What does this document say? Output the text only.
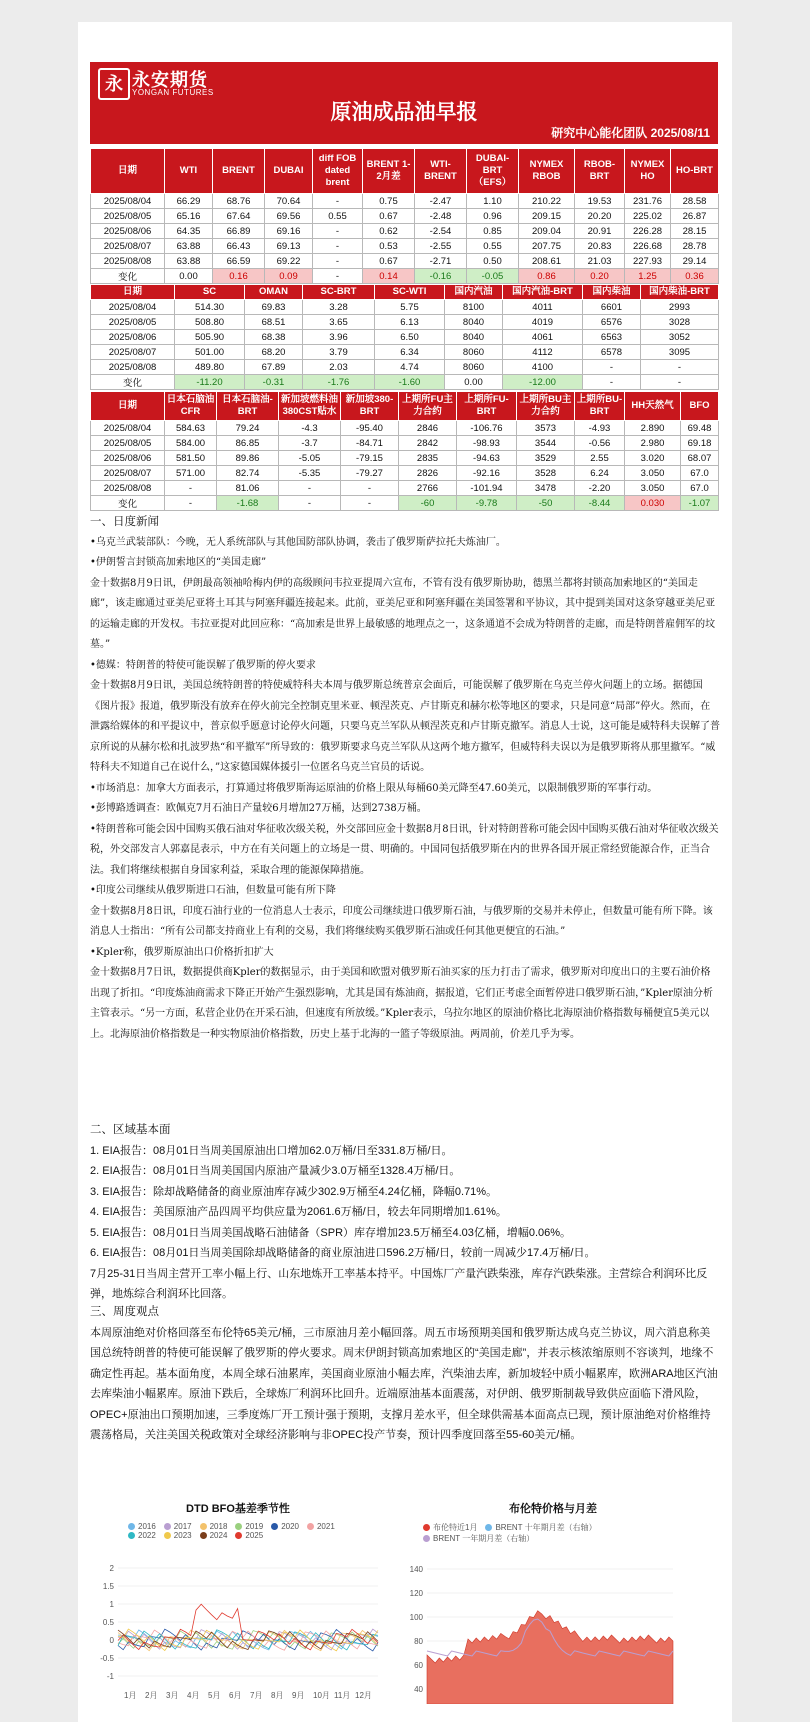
永 永安期货
YONGAN FUTURES
原油成品油早报
研究中心能化团队 2025/08/11
日期	WTI	BRENT	DUBAI	diff FOB dated brent	BRENT 1-2月差	WTI-BRENT	DUBAI-BRT（EFS）	NYMEX RBOB	RBOB-BRT	NYMEX HO	HO-BRT
2025/08/04	66.29	68.76	70.64	-	0.75	-2.47	1.10	210.22	19.53	231.76	28.58
2025/08/05	65.16	67.64	69.56	0.55	0.67	-2.48	0.96	209.15	20.20	225.02	26.87
2025/08/06	64.35	66.89	69.16	-	0.62	-2.54	0.85	209.04	20.91	226.28	28.15
2025/08/07	63.88	66.43	69.13	-	0.53	-2.55	0.55	207.75	20.83	226.68	28.78
2025/08/08	63.88	66.59	69.22	-	0.67	-2.71	0.50	208.61	21.03	227.93	29.14
变化	0.00	0.16	0.09	-	0.14	-0.16	-0.05	0.86	0.20	1.25	0.36
日期	SC	OMAN	SC-BRT	SC-WTI	国内汽油	国内汽油-BRT	国内柴油	国内柴油-BRT
2025/08/04	514.30	69.83	3.28	5.75	8100	4011	6601	2993
2025/08/05	508.80	68.51	3.65	6.13	8040	4019	6576	3028
2025/08/06	505.90	68.38	3.96	6.50	8040	4061	6563	3052
2025/08/07	501.00	68.20	3.79	6.34	8060	4112	6578	3095
2025/08/08	489.80	67.89	2.03	4.74	8060	4100	-	-
变化	-11.20	-0.31	-1.76	-1.60	0.00	-12.00	-	-
日期	日本石脑油CFR	日本石脑油-BRT	新加坡燃料油380CST贴水	新加坡380-BRT	上期所FU主力合约	上期所FU-BRT	上期所BU主力合约	上期所BU-BRT	HH天然气	BFO
2025/08/04	584.63	79.24	-4.3	-95.40	2846	-106.76	3573	-4.93	2.890	69.48
2025/08/05	584.00	86.85	-3.7	-84.71	2842	-98.93	3544	-0.56	2.980	69.18
2025/08/06	581.50	89.86	-5.05	-79.15	2835	-94.63	3529	2.55	3.020	68.07
2025/08/07	571.00	82.74	-5.35	-79.27	2826	-92.16	3528	6.24	3.050	67.0
2025/08/08	-	81.06	-	-	2766	-101.94	3478	-2.20	3.050	67.0
变化	-	-1.68	-	-	-60	-9.78	-50	-8.44	0.030	-1.07

一、日度新闻

•乌克兰武装部队：今晚，无人系统部队与其他国防部队协调，袭击了俄罗斯萨拉托夫炼油厂。

•伊朗誓言封锁高加索地区的“美国走廊”

金十数据8月9日讯，伊朗最高领袖哈梅内伊的高级顾问韦拉亚提周六宣布，不管有没有俄罗斯协助，德黑兰都将封锁高加索地区的“美国走廊”，该走廊通过亚美尼亚将土耳其与阿塞拜疆连接起来。此前，亚美尼亚和阿塞拜疆在美国签署和平协议，其中提到美国对这条穿越亚美尼亚的运输走廊的开发权。韦拉亚提对此回应称：“高加索是世界上最敏感的地理点之一，这条通道不会成为特朗普的走廊，而是特朗普雇佣军的坟墓。”

•德媒：特朗普的特使可能误解了俄罗斯的停火要求

金十数据8月9日讯，美国总统特朗普的特使威特科夫本周与俄罗斯总统普京会面后，可能误解了俄罗斯在乌克兰停火问题上的立场。据德国《图片报》报道，俄罗斯没有放弃在停火前完全控制克里米亚、顿涅茨克、卢甘斯克和赫尔松等地区的要求，只是同意“局部”停火。然而，在泄露给媒体的和平提议中，普京似乎愿意讨论停火问题，只要乌克兰军队从顿涅茨克和卢甘斯克撤军。消息人士说，这可能是威特科夫误解了普京所说的从赫尔松和扎波罗热“和平撤军”所导致的：俄罗斯要求乌克兰军队从这两个地方撤军，但威特科夫误以为是俄罗斯将从那里撤军。“威特科夫不知道自己在说什么，”这家德国媒体援引一位匿名乌克兰官员的话说。

•市场消息：加拿大方面表示，打算通过将俄罗斯海运原油的价格上限从每桶60美元降至47.60美元，以限制俄罗斯的军事行动。

•彭博路透调查：欧佩克7月石油日产量较6月增加27万桶，达到2738万桶。

•特朗普称可能会因中国购买俄石油对华征收次级关税，外交部回应金十数据8月8日讯，针对特朗普称可能会因中国购买俄石油对华征收次级关税，外交部发言人郭嘉昆表示，中方在有关问题上的立场是一贯、明确的。中国同包括俄罗斯在内的世界各国开展正常经贸能源合作，正当合法。我们将继续根据自身国家利益，采取合理的能源保障措施。

•印度公司继续从俄罗斯进口石油，但数量可能有所下降

金十数据8月8日讯，印度石油行业的一位消息人士表示，印度公司继续进口俄罗斯石油，与俄罗斯的交易并未停止，但数量可能有所下降。该消息人士指出：“所有公司都支持商业上有利的交易，我们将继续购买俄罗斯石油或任何其他更便宜的石油。”

•Kpler称，俄罗斯原油出口价格折扣扩大

金十数据8月7日讯，数据提供商Kpler的数据显示，由于美国和欧盟对俄罗斯石油买家的压力打击了需求，俄罗斯对印度出口的主要石油价格出现了折扣。“印度炼油商需求下降正开始产生强烈影响，尤其是国有炼油商，据报道，它们正考虑全面暂停进口俄罗斯石油，”Kpler原油分析主管表示。“另一方面，私营企业仍在开采石油，但速度有所放缓。”Kpler表示，乌拉尔地区的原油价格比北海原油价格指数每桶便宜5美元以上。北海原油价格指数是一种实物原油价格指数，历史上基于北海的一篮子等级原油。两周前，价差几乎为零。

二、区域基本面

1. EIA报告：08月01日当周美国原油出口增加62.0万桶/日至331.8万桶/日。

2. EIA报告：08月01日当周美国国内原油产量减少3.0万桶至1328.4万桶/日。

3. EIA报告：除却战略储备的商业原油库存减少302.9万桶至4.24亿桶，降幅0.71%。

4. EIA报告：美国原油产品四周平均供应量为2061.6万桶/日，较去年同期增加1.61%。

5. EIA报告：08月01日当周美国战略石油储备（SPR）库存增加23.5万桶至4.03亿桶，增幅0.06%。

6. EIA报告：08月01日当周美国除却战略储备的商业原油进口596.2万桶/日，较前一周减少17.4万桶/日。

7月25-31日当周主营开工率小幅上行、山东地炼开工率基本持平。中国炼厂产量汽跌柴涨，库存汽跌柴涨。主营综合利润环比反弹，地炼综合利润环比回落。

三、周度观点

本周原油绝对价格回落至布伦特65美元/桶，三市原油月差小幅回落。周五市场预期美国和俄罗斯达成乌克兰协议，周六消息称美国总统特朗普的特使可能误解了俄罗斯的停火要求。周末伊朗封锁高加索地区的“美国走廊”，并表示核浓缩原则不容谈判，地缘不确定性再起。基本面角度，本周全球石油累库，美国商业原油小幅去库，汽柴油去库，新加坡轻中质小幅累库，欧洲ARA地区汽油去库柴油小幅累库。原油下跌后，全球炼厂利润环比回升。近端原油基本面震荡，对伊朗、俄罗斯制裁导致供应面临下滑风险，OPEC+原油出口预期加速，三季度炼厂开工预计强于预期，支撑月差水平，但全球供需基本面高点已现，预计原油绝对价格维持震荡格局，关注美国关税政策对全球经济影响与非OPEC投产节奏，预计四季度回落至55-60美元/桶。

DTD BFO基差季节性
2016 2017 2018 2019 2020 20212022 2023 2024 2025
2
1.5
1
0.5
0
-0.5
-1
1月 2月 3月 4月 5月 6月 7月 8月 9月 10月 11月 12月
布伦特价格与月差
布伦特近1月 BRENT 十年期月差（右轴）BRENT 一年期月差（右轴）
140
120
100
80
60
40
